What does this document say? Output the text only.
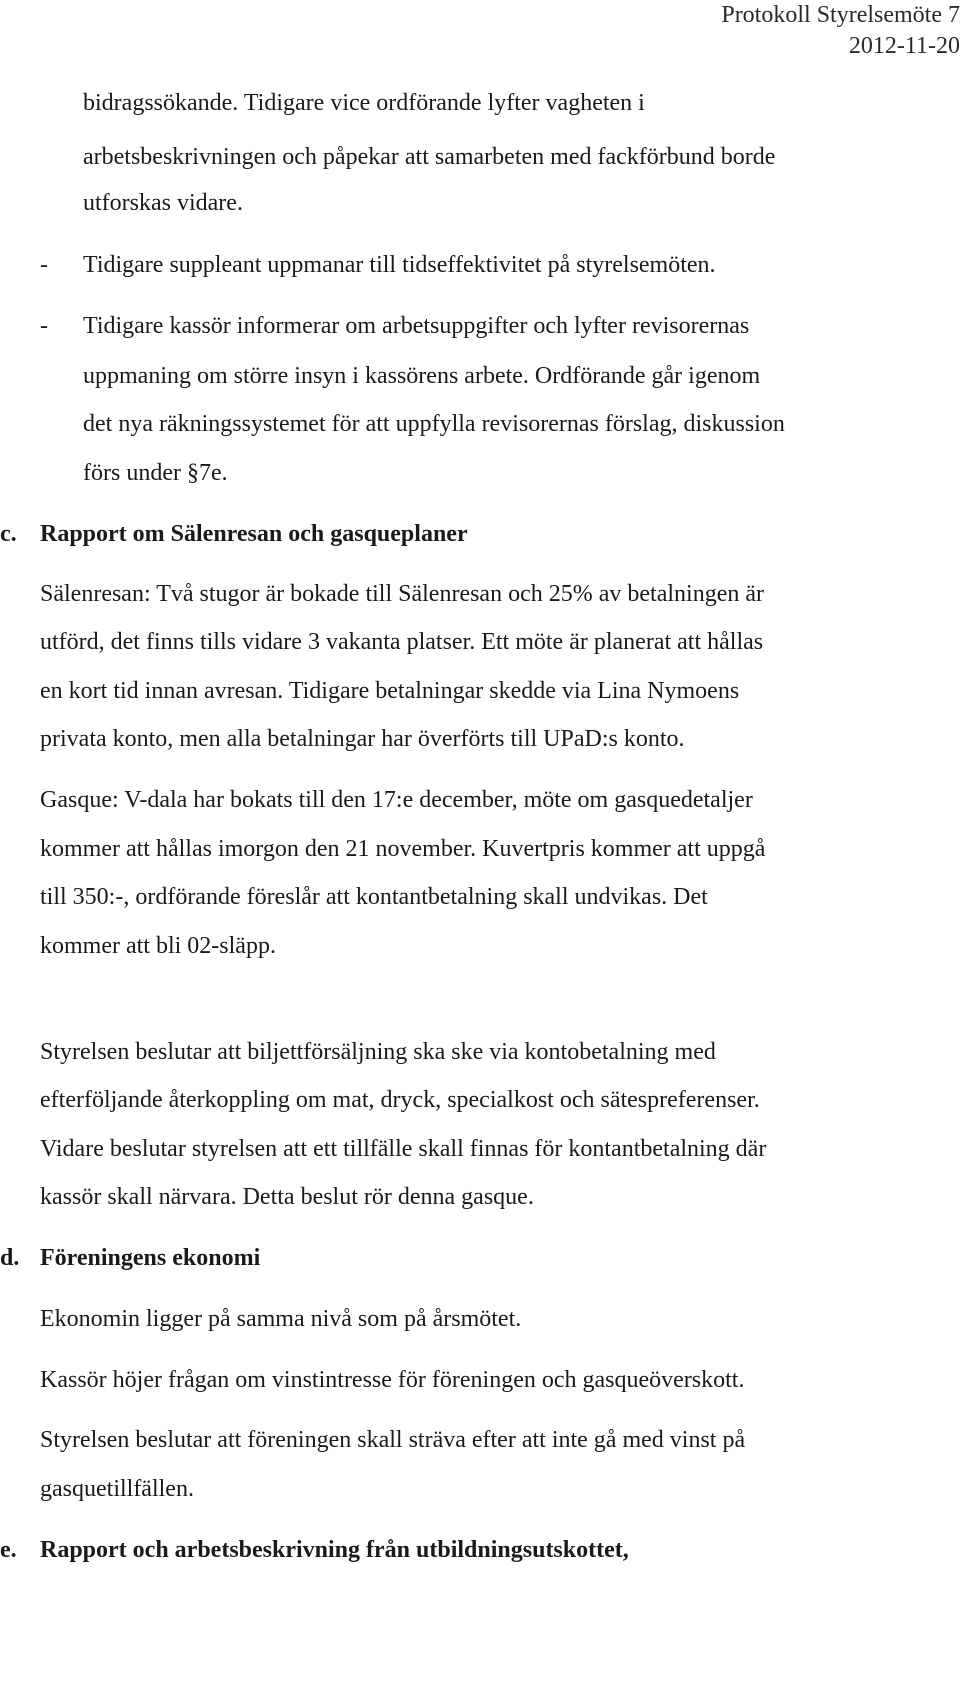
Protokoll Styrelsemöte 7
2012-11-20
bidragssökande. Tidigare vice ordförande lyfter vagheten i
arbetsbeskrivningen och påpekar att samarbeten med fackförbund borde
utforskas vidare.
- Tidigare suppleant uppmanar till tidseffektivitet på styrelsemöten.
- Tidigare kassör informerar om arbetsuppgifter och lyfter revisorernas
uppmaning om större insyn i kassörens arbete. Ordförande går igenom
det nya räkningssystemet för att uppfylla revisorernas förslag, diskussion
förs under §7e.
c. Rapport om Sälenresan och gasqueplaner
Sälenresan: Två stugor är bokade till Sälenresan och 25% av betalningen är
utförd, det finns tills vidare 3 vakanta platser. Ett möte är planerat att hållas
en kort tid innan avresan. Tidigare betalningar skedde via Lina Nymoens
privata konto, men alla betalningar har överförts till UPaD:s konto.
Gasque: V-dala har bokats till den 17:e december, möte om gasquedetaljer
kommer att hållas imorgon den 21 november. Kuvertpris kommer att uppgå
till 350:-, ordförande föreslår att kontantbetalning skall undvikas. Det
kommer att bli 02-släpp.
Styrelsen beslutar att biljettförsäljning ska ske via kontobetalning med
efterföljande återkoppling om mat, dryck, specialkost och sätespreferenser.
Vidare beslutar styrelsen att ett tillfälle skall finnas för kontantbetalning där
kassör skall närvara. Detta beslut rör denna gasque.
d. Föreningens ekonomi
Ekonomin ligger på samma nivå som på årsmötet.
Kassör höjer frågan om vinstintresse för föreningen och gasqueöverskott.
Styrelsen beslutar att föreningen skall sträva efter att inte gå med vinst på
gasquetillfällen.
e. Rapport och arbetsbeskrivning från utbildningsutskottet,
